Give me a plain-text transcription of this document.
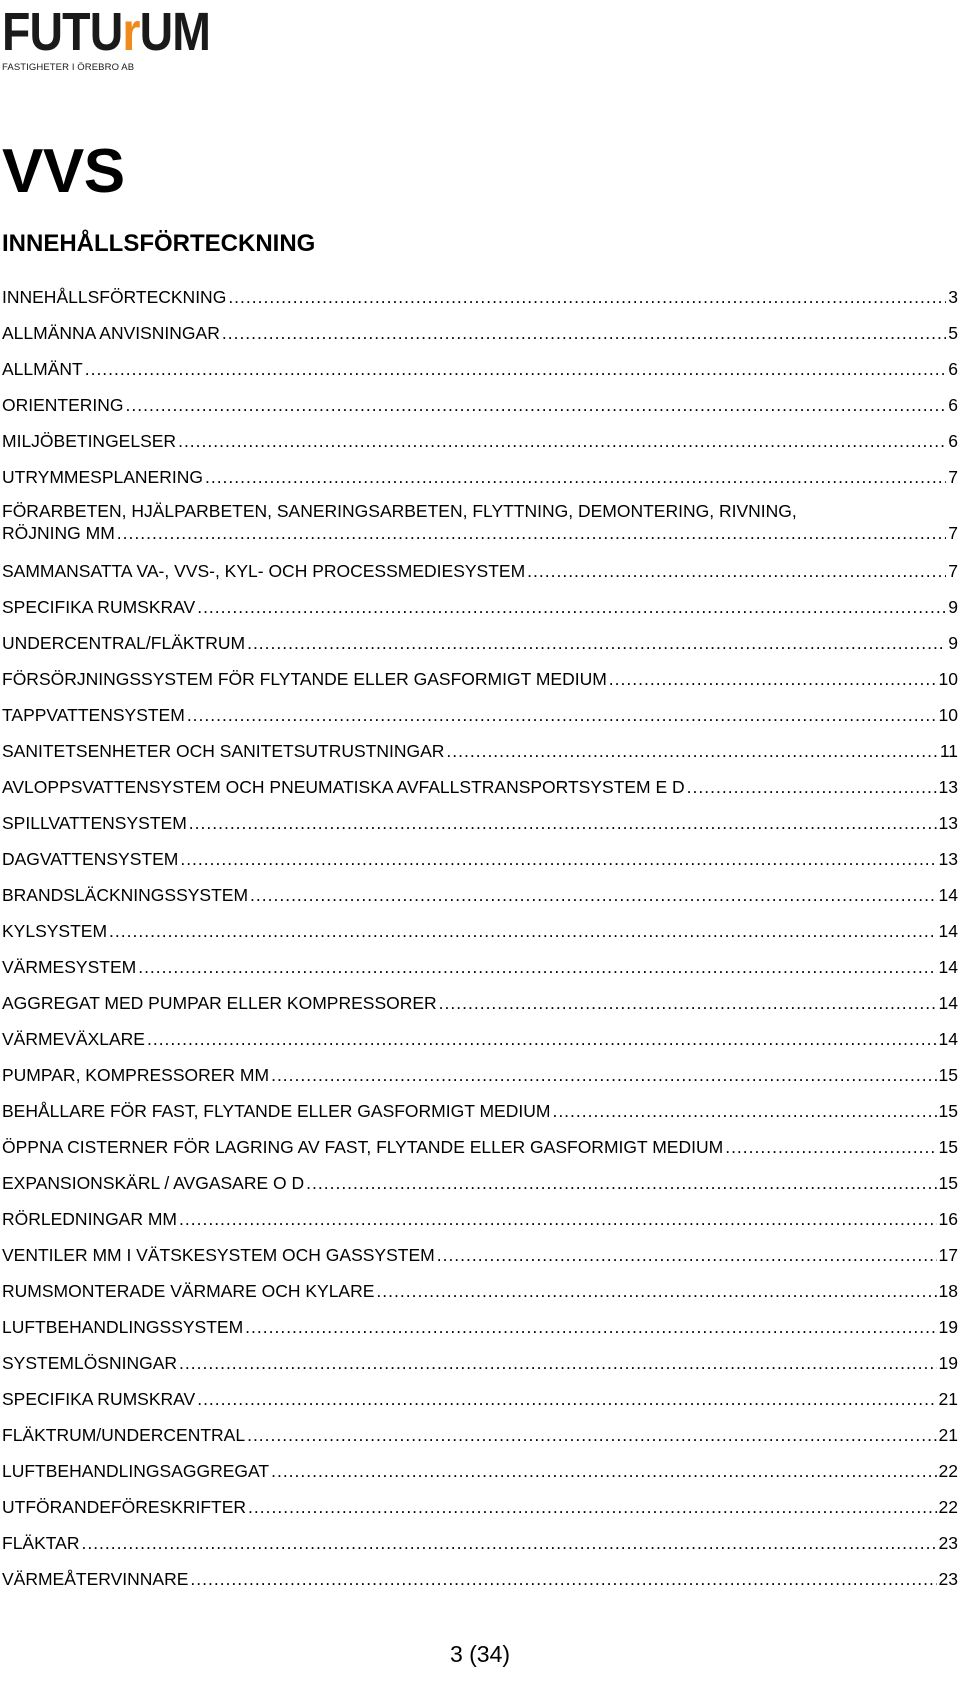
FUTUrUM
FASTIGHETER I ÖREBRO AB
VVS
INNEHÅLLSFÖRTECKNING
INNEHÅLLSFÖRTECKNING .....	3
ALLMÄNNA ANVISNINGAR .....	5
ALLMÄNT .....	6
ORIENTERING .....	6
MILJÖBETINGELSER .....	6
UTRYMMESPLANERING .....	7
FÖRARBETEN, HJÄLPARBETEN, SANERINGSARBETEN, FLYTTNING, DEMONTERING, RIVNING,
RÖJNING MM .....	7
SAMMANSATTA VA-, VVS-, KYL- OCH PROCESSMEDIESYSTEM .....	7
SPECIFIKA RUMSKRAV .....	9
UNDERCENTRAL/FLÄKTRUM .....	9
FÖRSÖRJNINGSSYSTEM FÖR FLYTANDE ELLER GASFORMIGT MEDIUM .....	10
TAPPVATTENSYSTEM .....	10
SANITETSENHETER OCH SANITETSUTRUSTNINGAR .....	11
AVLOPPSVATTENSYSTEM OCH PNEUMATISKA AVFALLSTRANSPORTSYSTEM E D .....	13
SPILLVATTENSYSTEM .....	13
DAGVATTENSYSTEM .....	13
BRANDSLÄCKNINGSSYSTEM .....	14
KYLSYSTEM .....	14
VÄRMESYSTEM .....	14
AGGREGAT MED PUMPAR ELLER KOMPRESSORER .....	14
VÄRMEVÄXLARE .....	14
PUMPAR, KOMPRESSORER MM .....	15
BEHÅLLARE FÖR FAST, FLYTANDE ELLER GASFORMIGT MEDIUM .....	15
ÖPPNA CISTERNER FÖR LAGRING AV FAST, FLYTANDE ELLER GASFORMIGT MEDIUM .....	15
EXPANSIONSKÄRL / AVGASARE O D .....	15
RÖRLEDNINGAR MM .....	16
VENTILER MM I VÄTSKESYSTEM OCH GASSYSTEM .....	17
RUMSMONTERADE VÄRMARE OCH KYLARE .....	18
LUFTBEHANDLINGSSYSTEM .....	19
SYSTEMLÖSNINGAR .....	19
SPECIFIKA RUMSKRAV .....	21
FLÄKTRUM/UNDERCENTRAL .....	21
LUFTBEHANDLINGSAGGREGAT .....	22
UTFÖRANDEFÖRESKRIFTER .....	22
FLÄKTAR .....	23
VÄRMEÅTERVINNARE .....	23
3 (34)
